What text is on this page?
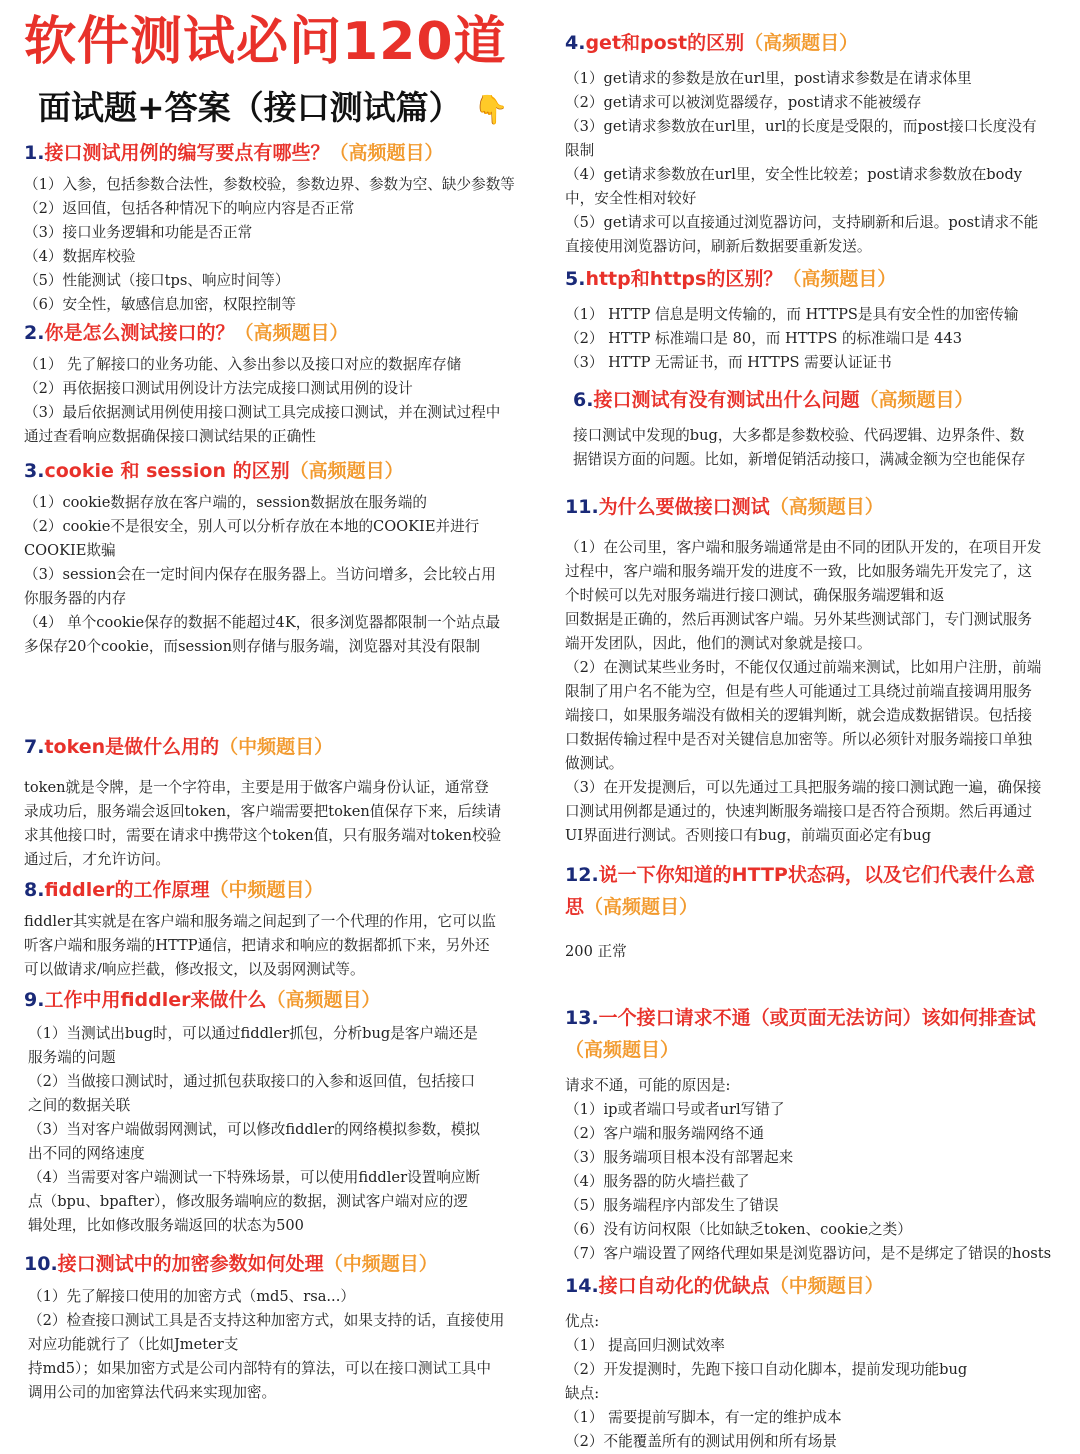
软件测试必问120道
面试题+答案（接口测试篇） 👇
1.接口测试用例的编写要点有哪些？（高频题目）

（1）入参，包括参数合法性，参数校验，参数边界、参数为空、缺少参数等

（2）返回值，包括各种情况下的响应内容是否正常

（3）接口业务逻辑和功能是否正常

（4）数据库校验

（5）性能测试（接口tps、响应时间等）

（6）安全性，敏感信息加密，权限控制等

2.你是怎么测试接口的？（高频题目）

（1） 先了解接口的业务功能、入参出参以及接口对应的数据库存储

（2）再依据接口测试用例设计方法完成接口测试用例的设计

（3）最后依据测试用例使用接口测试工具完成接口测试，并在测试过程中

通过查看响应数据确保接口测试结果的正确性

3.cookie 和 session 的区别（高频题目）

（1）cookie数据存放在客户端的，session数据放在服务端的

（2）cookie不是很安全，别人可以分析存放在本地的COOKIE并进行

COOKIE欺骗

（3）session会在一定时间内保存在服务器上。当访问增多，会比较占用

你服务器的内存

（4） 单个cookie保存的数据不能超过4K，很多浏览器都限制一个站点最

多保存20个cookie，而session则存储与服务端，浏览器对其没有限制

7.token是做什么用的（中频题目）

token就是令牌，是一个字符串，主要是用于做客户端身份认证，通常登

录成功后，服务端会返回token，客户端需要把token值保存下来，后续请

求其他接口时，需要在请求中携带这个token值，只有服务端对token校验

通过后，才允许访问。

8.fiddler的工作原理（中频题目）

fiddler其实就是在客户端和服务端之间起到了一个代理的作用，它可以监

听客户端和服务端的HTTP通信，把请求和响应的数据都抓下来，另外还

可以做请求/响应拦截，修改报文，以及弱网测试等。

9.工作中用fiddler来做什么（高频题目）

（1）当测试出bug时，可以通过fiddler抓包，分析bug是客户端还是

服务端的问题

（2）当做接口测试时，通过抓包获取接口的入参和返回值，包括接口

之间的数据关联

（3）当对客户端做弱网测试，可以修改fiddler的网络模拟参数，模拟

出不同的网络速度

（4）当需要对客户端测试一下特殊场景，可以使用fiddler设置响应断

点（bpu、bpafter），修改服务端响应的数据，测试客户端对应的逻

辑处理，比如修改服务端返回的状态为500

10.接口测试中的加密参数如何处理（中频题目）

（1）先了解接口使用的加密方式（md5、rsa...）

（2）检查接口测试工具是否支持这种加密方式，如果支持的话，直接使用

对应功能就行了（比如Jmeter支

持md5）；如果加密方式是公司内部特有的算法，可以在接口测试工具中

调用公司的加密算法代码来实现加密。

4.get和post的区别（高频题目）

（1）get请求的参数是放在url里，post请求参数是在请求体里

（2）get请求可以被浏览器缓存，post请求不能被缓存

（3）get请求参数放在url里，url的长度是受限的，而post接口长度没有

限制

（4）get请求参数放在url里，安全性比较差；post请求参数放在body

中，安全性相对较好

（5）get请求可以直接通过浏览器访问，支持刷新和后退。post请求不能

直接使用浏览器访问，刷新后数据要重新发送。

5.http和https的区别？（高频题目）

（1） HTTP 信息是明文传输的，而 HTTPS是具有安全性的加密传输

（2） HTTP 标准端口是 80，而 HTTPS 的标准端口是 443

（3） HTTP 无需证书，而 HTTPS 需要认证证书

6.接口测试有没有测试出什么问题（高频题目）

接口测试中发现的bug，大多都是参数校验、代码逻辑、边界条件、数

据错误方面的问题。比如，新增促销活动接口，满减金额为空也能保存

11.为什么要做接口测试（高频题目）

（1）在公司里，客户端和服务端通常是由不同的团队开发的，在项目开发

过程中，客户端和服务端开发的进度不一致，比如服务端先开发完了，这

个时候可以先对服务端进行接口测试，确保服务端逻辑和返

回数据是正确的，然后再测试客户端。另外某些测试部门，专门测试服务

端开发团队，因此，他们的测试对象就是接口。

（2）在测试某些业务时，不能仅仅通过前端来测试，比如用户注册，前端

限制了用户名不能为空，但是有些人可能通过工具绕过前端直接调用服务

端接口，如果服务端没有做相关的逻辑判断，就会造成数据错误。包括接

口数据传输过程中是否对关键信息加密等。所以必须针对服务端接口单独

做测试。

（3）在开发提测后，可以先通过工具把服务端的接口测试跑一遍，确保接

口测试用例都是通过的，快速判断服务端接口是否符合预期。然后再通过

UI界面进行测试。否则接口有bug，前端页面必定有bug

12.说一下你知道的HTTP状态码，以及它们代表什么意
思（高频题目）

200 正常

13.一个接口请求不通（或页面无法访问）该如何排查试
（高频题目）

请求不通，可能的原因是:

（1）ip或者端口号或者url写错了

（2）客户端和服务端网络不通

（3）服务端项目根本没有部署起来

（4）服务器的防火墙拦截了

（5）服务端程序内部发生了错误

（6）没有访问权限（比如缺乏token、cookie之类）

（7）客户端设置了网络代理如果是浏览器访问，是不是绑定了错误的hosts

14.接口自动化的优缺点（中频题目）

优点:

（1） 提高回归测试效率

（2）开发提测时，先跑下接口自动化脚本，提前发现功能bug

缺点:

（1） 需要提前写脚本，有一定的维护成本

（2）不能覆盖所有的测试用例和所有场景
